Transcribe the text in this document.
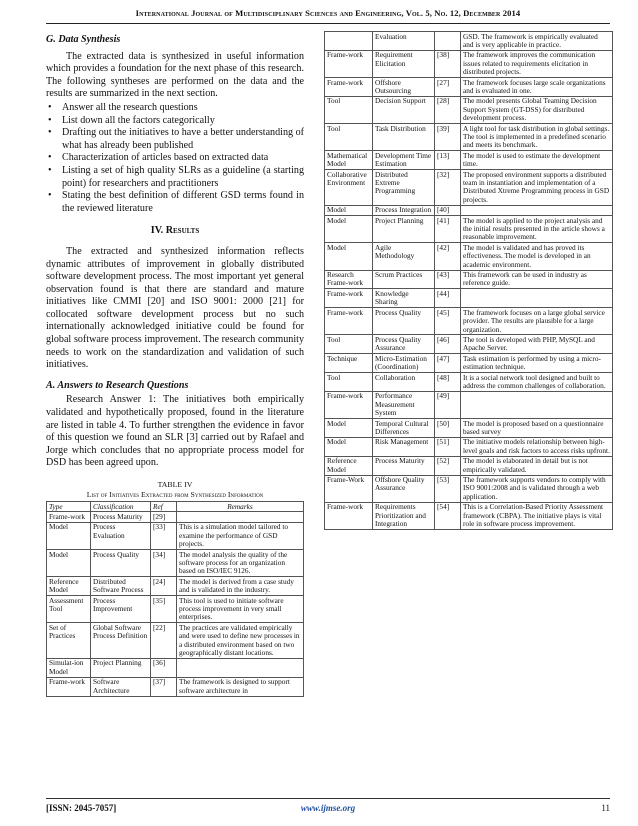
International Journal of Multidisciplinary Sciences and Engineering, Vol. 5, No. 12, December 2014
G. Data Synthesis

The extracted data is synthesized in useful information which provides a foundation for the next phase of this research. The following syntheses are performed on the data and the results are summarized in the next section.

• Answer all the research questions
• List down all the factors categorically
• Drafting out the initiatives to have a better understanding of what has already been published
• Characterization of articles based on extracted data
• Listing a set of high quality SLRs as a guideline (a starting point) for researchers and practitioners
• Stating the best definition of different GSD terms found in the reviewed literature
IV. Results

The extracted and synthesized information reflects dynamic attributes of improvement in globally distributed software development process. The most important yet general observation found is that there are standard and mature initiatives like CMMI [20] and ISO 9001: 2000 [21] for collocated software development process but no such internationally acknowledged initiative could be found for global software process improvement. The research community needs to work on the standardization and validation of such initiatives.

A. Answers to Research Questions

Research Answer 1: The initiatives both empirically validated and hypothetically proposed, found in the literature are listed in table 4. To further strengthen the evidence in favor of this question we found an SLR [3] carried out by Rafael and Jorge which concludes that no appropriate process model for DSD has been agreed upon.

TABLE IV
List of Initiatives Extracted from Synthesized Information
Type	Classification	Ref	Remarks
Frame-work	Process Maturity	[29]	
Model	Process Evaluation	[33]	This is a simulation model tailored to examine the performance of GSD projects.
Model	Process Quality	[34]	The model analysis the quality of the software process for an organization based on ISO/IEC 9126.
Reference Model	Distributed Software Process	[24]	The model is derived from a case study and is validated in the industry.
Assessment Tool	Process Improvement	[35]	This tool is used to initiate software process improvement in very small enterprises.
Set of Practices	Global Software Process Definition	[22]	The practices are validated empirically and were used to define new processes in a distributed environment based on two geographically distant locations.
Simulat-ion Model	Project Planning	[36]	
Frame-work	Software Architecture	[37]	The framework is designed to support software architecture in
	Evaluation		GSD. The framework is empirically evaluated and is very applicable in practice.
Frame-work	Requirement Elicitation	[38]	The framework improves the communication issues related to requirements elicitation in distributed projects.
Frame-work	Offshore Outsourcing	[27]	The framework focuses large scale organizations and is evaluated in one.
Tool	Decision Support	[28]	The model presents Global Teaming Decision Support System (GT-DSS) for distributed development process.
Tool	Task Distribution	[39]	A light tool for task distribution in global settings. The tool is implemented in a predefined scenario and meets its benchmark.
Mathematical Model	Development Time Estimation	[13]	The model is used to estimate the development time.
Collaborative Environment	Distributed Extreme Programming	[32]	The proposed environment supports a distributed team in instantiation and implementation of a Distributed Xtreme Programming process in GSD projects.
Model	Process Integration	[40]	
Model	Project Planning	[41]	The model is applied to the project analysis and the initial results presented in the article shows a reasonable improvement.
Model	Agile Methodology	[42]	The model is validated and has proved its effectiveness. The model is developed in an academic environment.
Research Frame-work	Scrum Practices	[43]	This framework can be used in industry as reference guide.
Frame-work	Knowledge Sharing	[44]	
Frame-work	Process Quality	[45]	The framework focuses on a large global service provider. The results are plausible for a large organization.
Tool	Process Quality Assurance	[46]	The tool is developed with PHP, MySQL and Apache Server.
Technique	Micro-Estimation (Coordination)	[47]	Task estimation is performed by using a micro-estimation technique.
Tool	Collaboration	[48]	It is a social network tool designed and built to address the common challenges of collaboration.
Frame-work	Performance Measurement System	[49]	
Model	Temporal Cultural Differences	[50]	The model is proposed based on a questionnaire based survey
Model	Risk Management	[51]	The initiative models relationship between high-level goals and risk factors to access risks upfront.
Reference Model	Process Maturity	[52]	The model is elaborated in detail but is not empirically validated.
Frame-Work	Offshore Quality Assurance	[53]	The framework supports vendors to comply with ISO 9001:2008 and is validated through a web application.
Frame-work	Requirements Prioritization and Integration	[54]	This is a Correlation-Based Priority Assessment framework (CBPA). The initiative plays is vital role in software process improvement.
[ISSN: 2045-7057]	www.ijmse.org	11
